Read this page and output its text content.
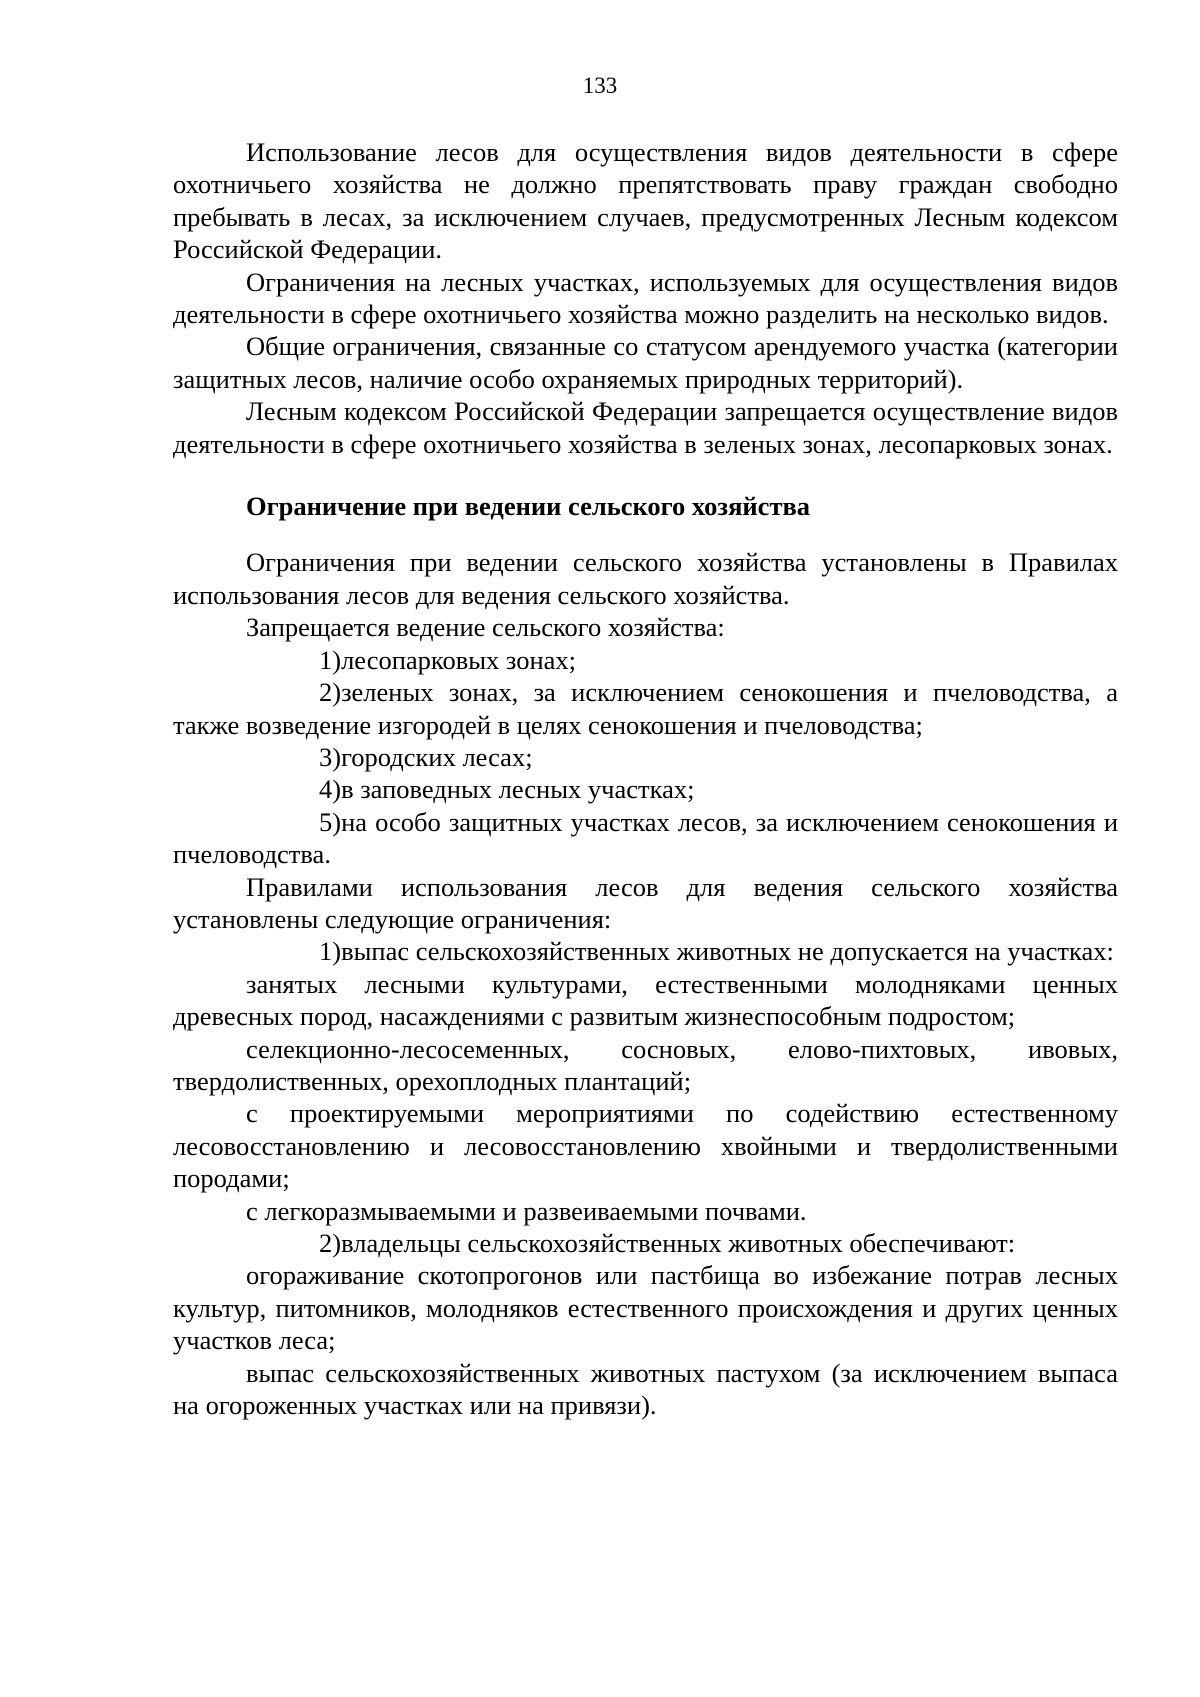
133

Использование лесов для осуществления видов деятельности в сфере охотничьего хозяйства не должно препятствовать праву граждан свободно пребывать в лесах, за исключением случаев, предусмотренных Лесным кодексом Российской Федерации.

Ограничения на лесных участках, используемых для осуществления видов деятельности в сфере охотничьего хозяйства можно разделить на несколько видов.

Общие ограничения, связанные со статусом арендуемого участка (категории защитных лесов, наличие особо охраняемых природных территорий).

Лесным кодексом Российской Федерации запрещается осуществление видов деятельности в сфере охотничьего хозяйства в зеленых зонах, лесопарковых зонах.

Ограничение при ведении сельского хозяйства

Ограничения при ведении сельского хозяйства установлены в Правилах использования лесов для ведения сельского хозяйства.

Запрещается ведение сельского хозяйства:

1)лесопарковых зонах;

2)зеленых зонах, за исключением сенокошения и пчеловодства, а также возведение изгородей в целях сенокошения и пчеловодства;

3)городских лесах;

4)в заповедных лесных участках;

5)на особо защитных участках лесов, за исключением сенокошения и пчеловодства.

Правилами использования лесов для ведения сельского хозяйства установлены следующие ограничения:

1)выпас сельскохозяйственных животных не допускается на участках:

занятых лесными культурами, естественными молодняками ценных древесных пород, насаждениями с развитым жизнеспособным подростом;

селекционно-лесосеменных, сосновых, елово-пихтовых, ивовых, твердолиственных, орехоплодных плантаций;

с проектируемыми мероприятиями по содействию естественному лесовосстановлению и лесовосстановлению хвойными и твердолиственными породами;

с легкоразмываемыми и развеиваемыми почвами.

2)владельцы сельскохозяйственных животных обеспечивают:

огораживание скотопрогонов или пастбища во избежание потрав лесных культур, питомников, молодняков естественного происхождения и других ценных участков леса;

выпас сельскохозяйственных животных пастухом (за исключением выпаса на огороженных участках или на привязи).
